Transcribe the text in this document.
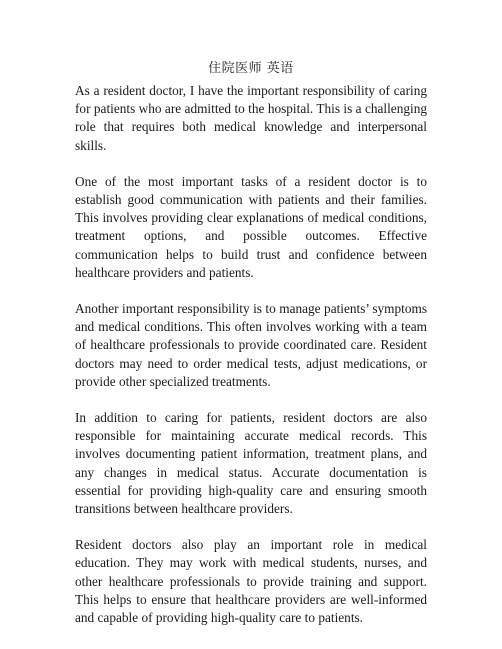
住院医师 英语

As a resident doctor, I have the important responsibility of caring for patients who are admitted to the hospital. This is a challenging role that requires both medical knowledge and interpersonal skills.

One of the most important tasks of a resident doctor is to establish good communication with patients and their families. This involves providing clear explanations of medical conditions, treatment options, and possible outcomes. Effective communication helps to build trust and confidence between healthcare providers and patients.

Another important responsibility is to manage patients’ symptoms and medical conditions. This often involves working with a team of healthcare professionals to provide coordinated care. Resident doctors may need to order medical tests, adjust medications, or provide other specialized treatments.

In addition to caring for patients, resident doctors are also responsible for maintaining accurate medical records. This involves documenting patient information, treatment plans, and any changes in medical status. Accurate documentation is essential for providing high-quality care and ensuring smooth transitions between healthcare providers.

Resident doctors also play an important role in medical education. They may work with medical students, nurses, and other healthcare professionals to provide training and support. This helps to ensure that healthcare providers are well-informed and capable of providing high-quality care to patients.
